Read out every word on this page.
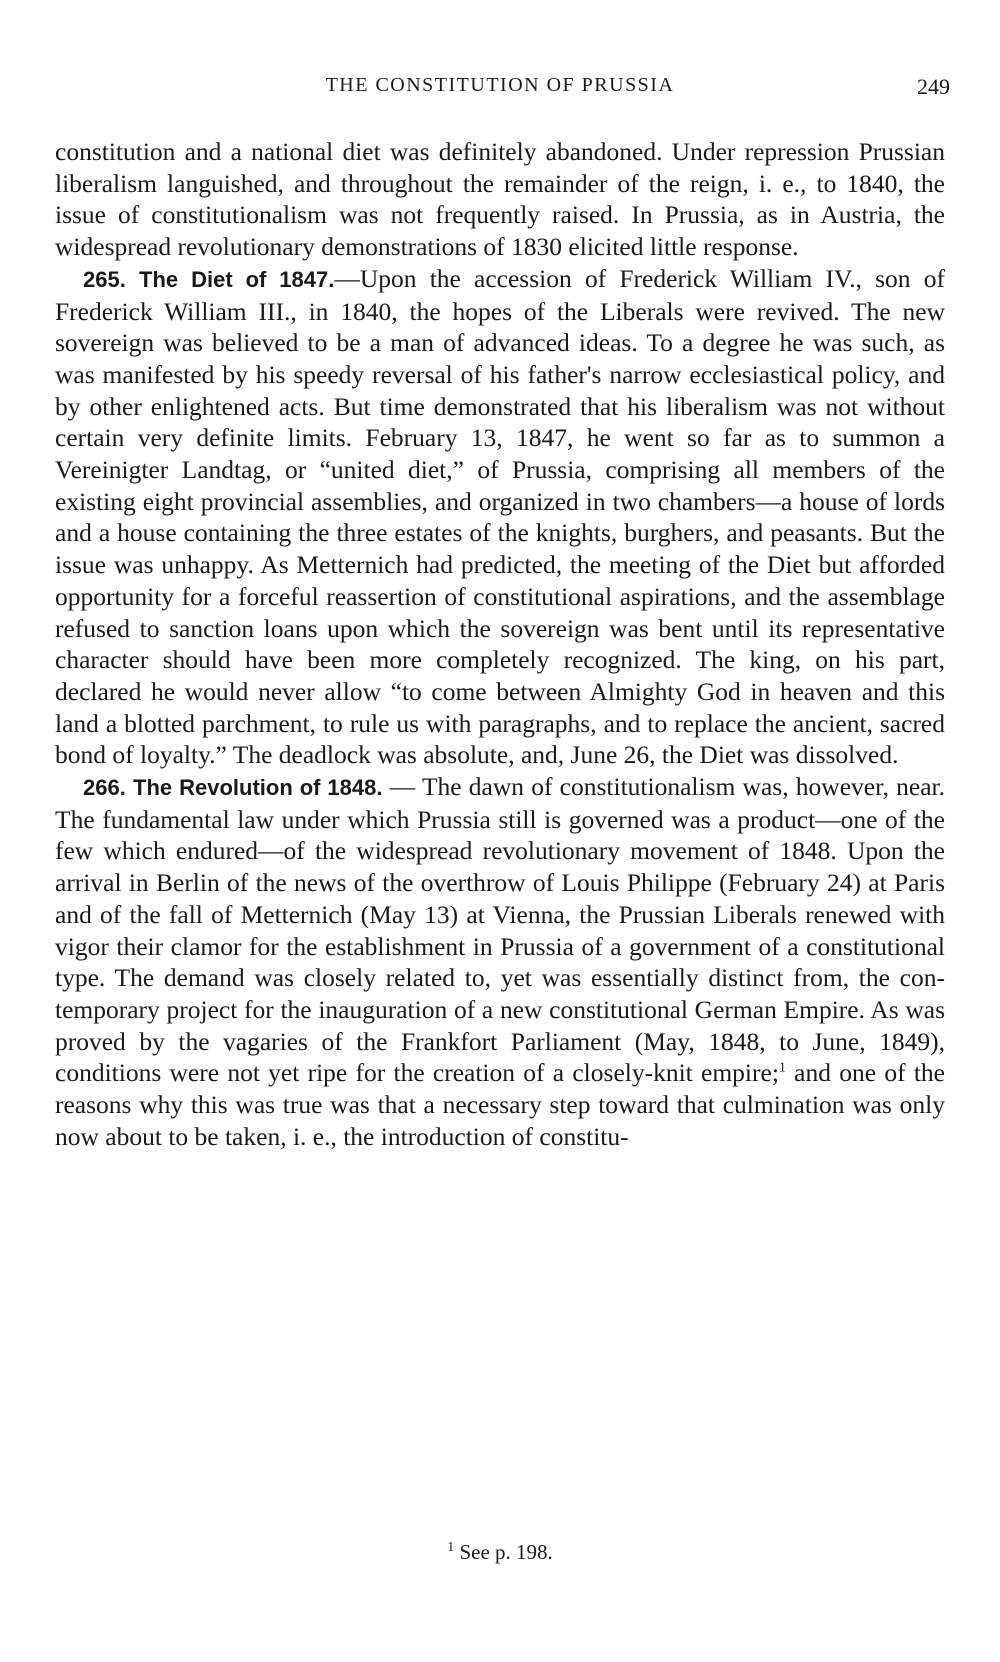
THE CONSTITUTION OF PRUSSIA	249

constitution and a national diet was definitely abandoned. Under repression Prussian liberalism languished, and throughout the remainder of the reign, i. e., to 1840, the issue of constitutionalism was not frequently raised. In Prussia, as in Austria, the widespread revolutionary demonstrations of 1830 elicited little response.

265. The Diet of 1847.—Upon the accession of Frederick William IV., son of Frederick William III., in 1840, the hopes of the Liberals were revived. The new sovereign was believed to be a man of advanced ideas. To a degree he was such, as was manifested by his speedy reversal of his father's narrow ecclesiastical policy, and by other enlightened acts. But time demonstrated that his liberalism was not without certain very definite limits. February 13, 1847, he went so far as to summon a Vereinigter Landtag, or “united diet,” of Prussia, comprising all members of the existing eight provincial assemblies, and organized in two chambers—a house of lords and a house containing the three estates of the knights, burghers, and peasants. But the issue was unhappy. As Metternich had predicted, the meeting of the Diet but afforded opportunity for a forceful reassertion of constitutional aspirations, and the assemblage refused to sanction loans upon which the sovereign was bent until its representative character should have been more completely recognized. The king, on his part, declared he would never allow “to come between Almighty God in heaven and this land a blotted parchment, to rule us with paragraphs, and to replace the ancient, sacred bond of loyalty.” The deadlock was absolute, and, June 26, the Diet was dissolved.

266. The Revolution of 1848. — The dawn of constitutionalism was, however, near. The fundamental law under which Prussia still is governed was a product—one of the few which endured—of the widespread revolutionary movement of 1848. Upon the arrival in Berlin of the news of the overthrow of Louis Philippe (February 24) at Paris and of the fall of Metternich (May 13) at Vienna, the Prussian Liberals renewed with vigor their clamor for the establishment in Prussia of a government of a constitutional type. The demand was closely related to, yet was essentially distinct from, the contemporary project for the inauguration of a new constitutional German Empire. As was proved by the vagaries of the Frankfort Parliament (May, 1848, to June, 1849), conditions were not yet ripe for the creation of a closely-knit empire;$^1$ and one of the reasons why this was true was that a necessary step toward that culmination was only now about to be taken, i. e., the introduction of constitu-

$^1$ See p. 198.
